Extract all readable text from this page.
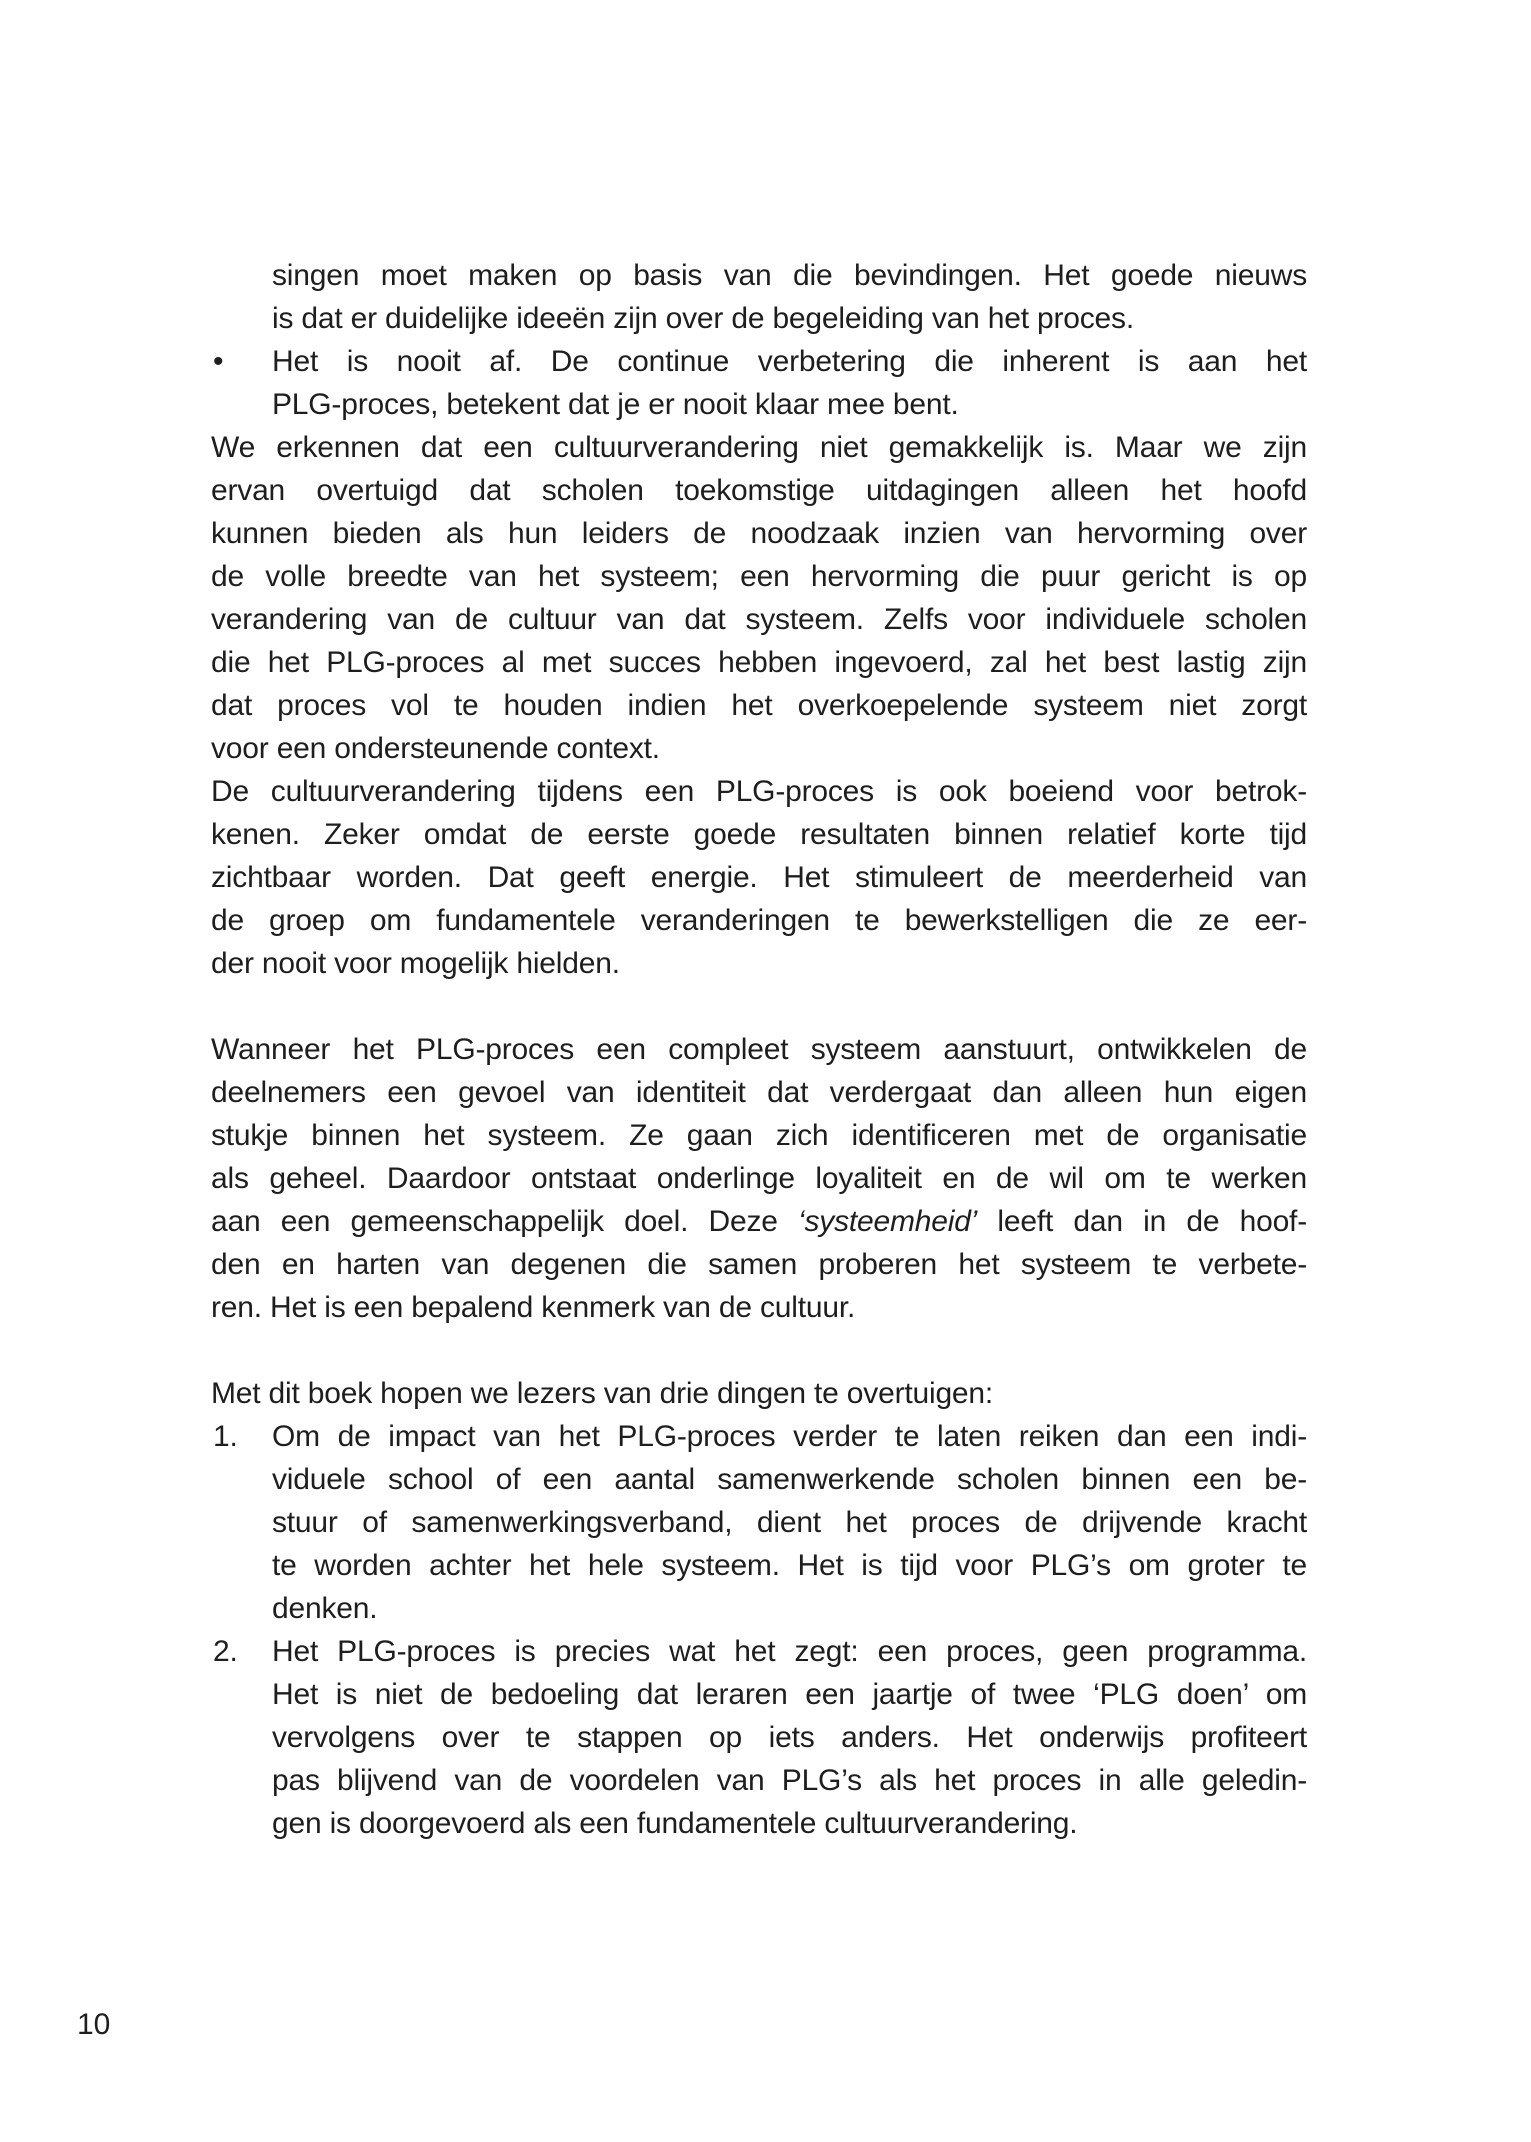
singen moet maken op basis van die bevindingen. Het goede nieuws
is dat er duidelijke ideeën zijn over de begeleiding van het proces.
•	Het is nooit af. De continue verbetering die inherent is aan het
PLG-proces, betekent dat je er nooit klaar mee bent.
We erkennen dat een cultuurverandering niet gemakkelijk is. Maar we zijn
ervan overtuigd dat scholen toekomstige uitdagingen alleen het hoofd
kunnen bieden als hun leiders de noodzaak inzien van hervorming over
de volle breedte van het systeem; een hervorming die puur gericht is op
verandering van de cultuur van dat systeem. Zelfs voor individuele scholen
die het PLG-proces al met succes hebben ingevoerd, zal het best lastig zijn
dat proces vol te houden indien het overkoepelende systeem niet zorgt
voor een ondersteunende context.
De cultuurverandering tijdens een PLG-proces is ook boeiend voor betrok-
kenen. Zeker omdat de eerste goede resultaten binnen relatief korte tijd
zichtbaar worden. Dat geeft energie. Het stimuleert de meerderheid van
de groep om fundamentele veranderingen te bewerkstelligen die ze eer-
der nooit voor mogelijk hielden.
Wanneer het PLG-proces een compleet systeem aanstuurt, ontwikkelen de
deelnemers een gevoel van identiteit dat verdergaat dan alleen hun eigen
stukje binnen het systeem. Ze gaan zich identificeren met de organisatie
als geheel. Daardoor ontstaat onderlinge loyaliteit en de wil om te werken
aan een gemeenschappelijk doel. Deze ‘systeemheid’ leeft dan in de hoof-
den en harten van degenen die samen proberen het systeem te verbete-
ren. Het is een bepalend kenmerk van de cultuur.
Met dit boek hopen we lezers van drie dingen te overtuigen:
1.	Om de impact van het PLG-proces verder te laten reiken dan een indi-
viduele school of een aantal samenwerkende scholen binnen een be-
stuur of samenwerkingsverband, dient het proces de drijvende kracht
te worden achter het hele systeem. Het is tijd voor PLG’s om groter te
denken.
2.	Het PLG-proces is precies wat het zegt: een proces, geen programma.
Het is niet de bedoeling dat leraren een jaartje of twee ‘PLG doen’ om
vervolgens over te stappen op iets anders. Het onderwijs profiteert
pas blijvend van de voordelen van PLG’s als het proces in alle geledin-
gen is doorgevoerd als een fundamentele cultuurverandering.
10
